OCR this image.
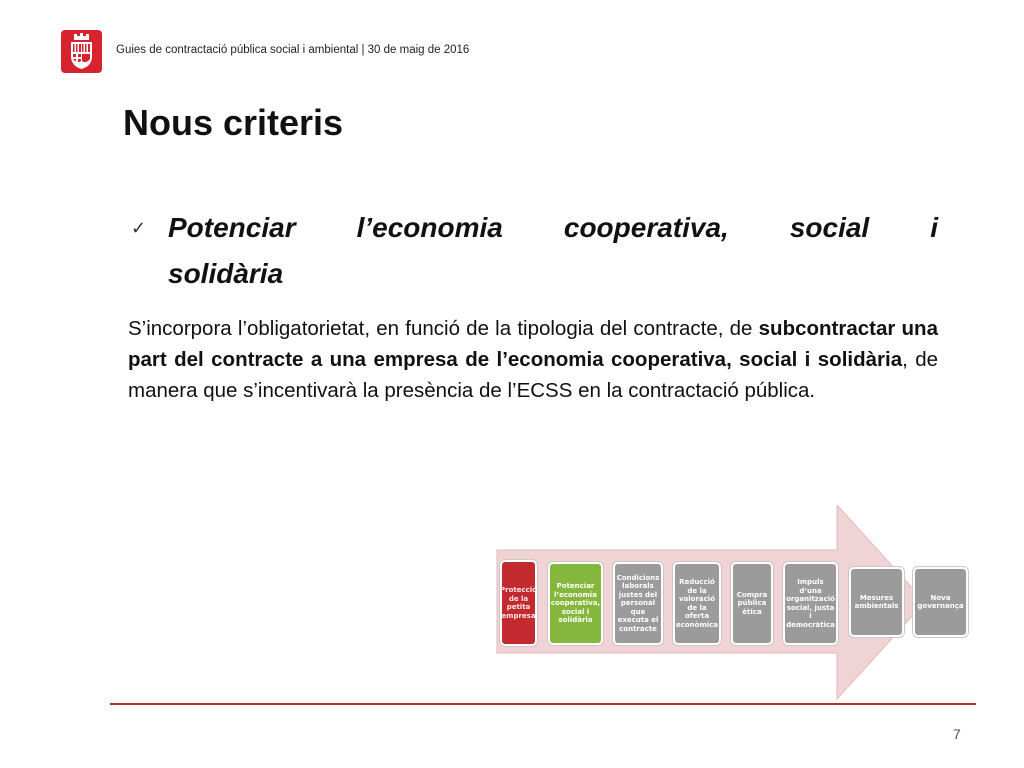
Guies de contractació pública social i ambiental | 30 de maig de 2016
Nous criteris
✓ Potenciar l’economia cooperativa, social i
solidària

S’incorpora l’obligatorietat, en funció de la tipologia del contracte, de subcontractar una part del contracte a una empresa de l’economia cooperativa, social i solidària, de manera que s’incentivarà la presència de l’ECSS en la contractació pública.

Protecció de la petita empresa
Potenciar l’economia cooperativa, social i solidària
Condicions laborals justes del personal que executa el contracte
Reducció de la valoració de la oferta econòmica
Compra pública ètica
Impuls d’una organització social, justa i democràtica
Mesures ambientals
Nova governança
7
